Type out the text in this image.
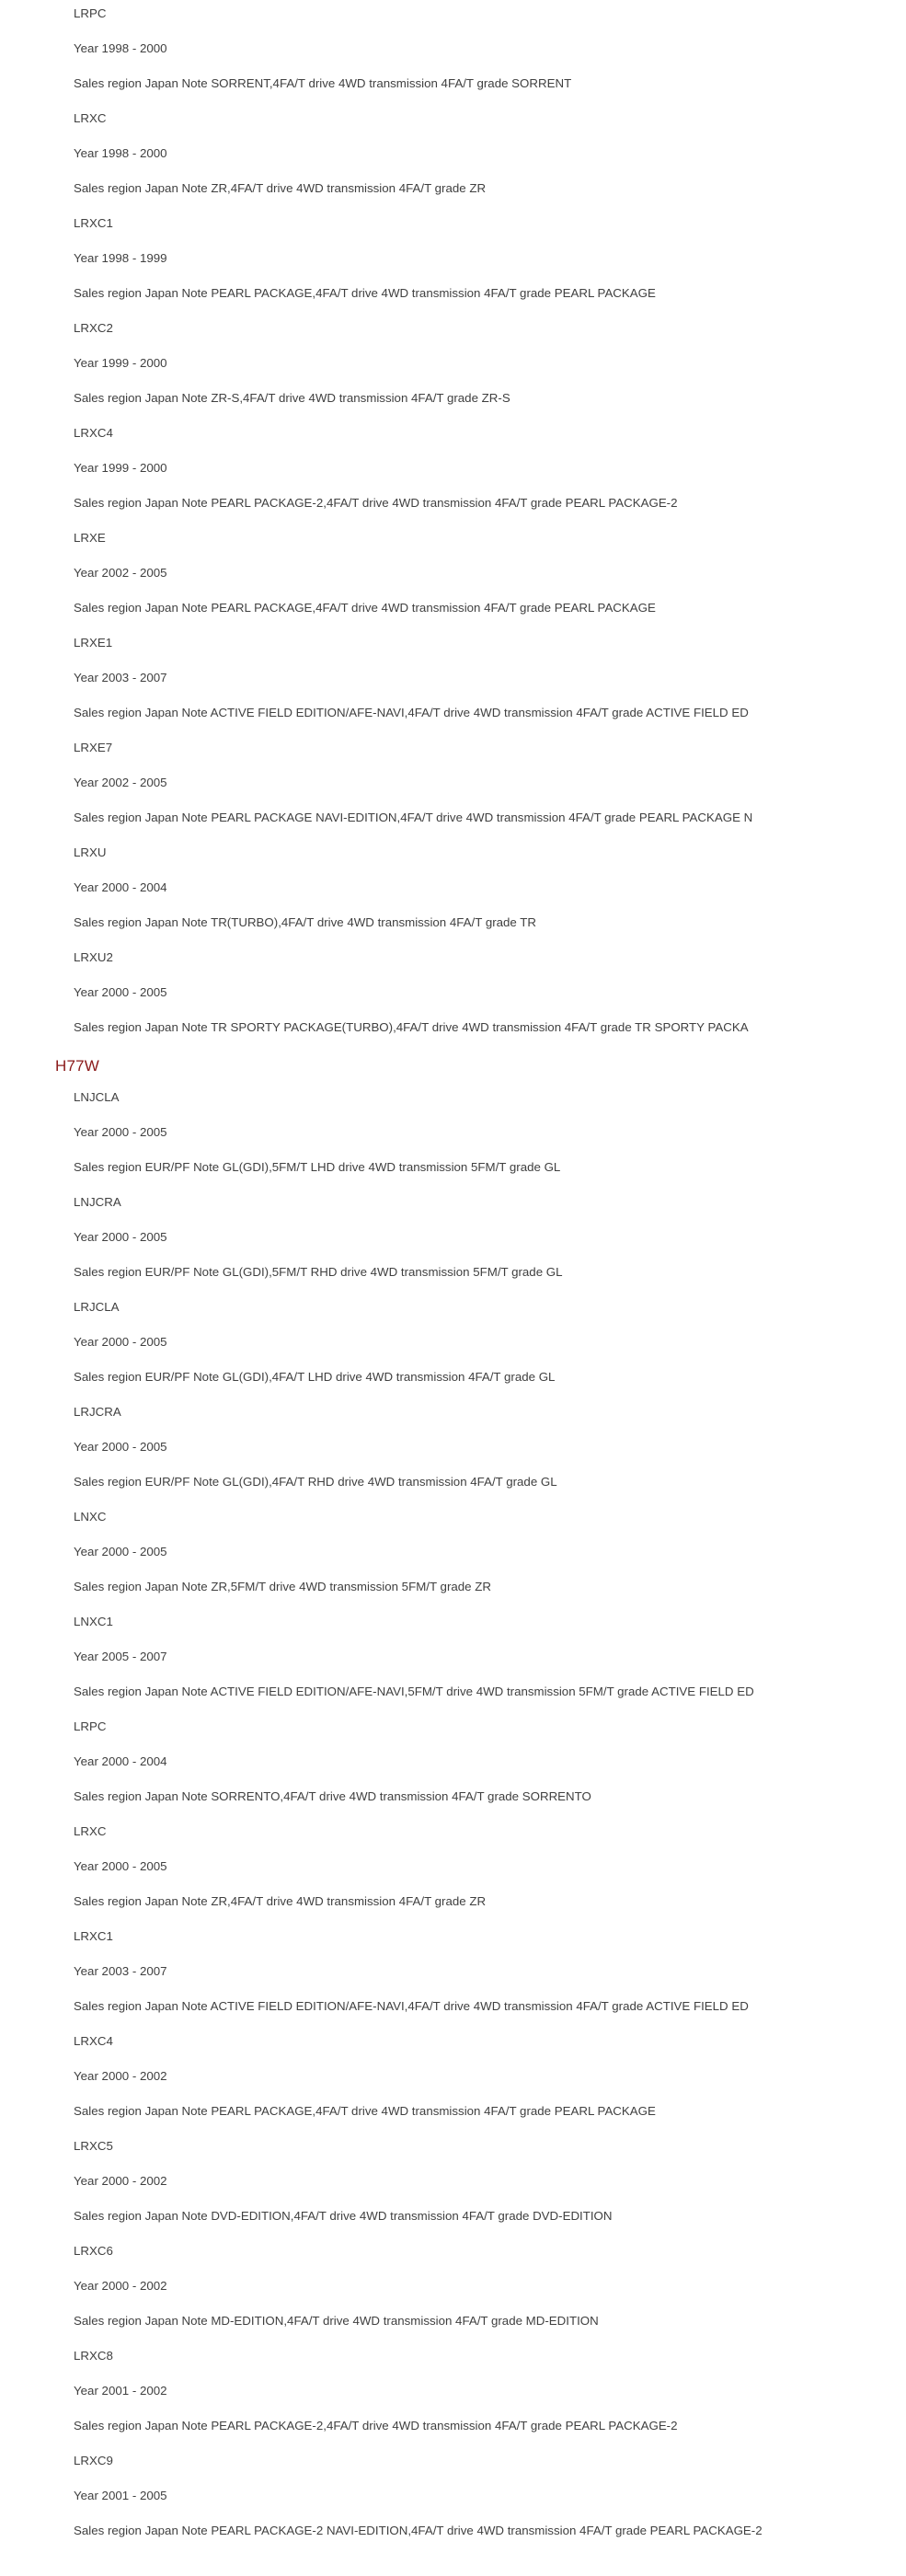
LRPC
Year 1998 - 2000
Sales region Japan Note SORRENT,4FA/T drive 4WD transmission 4FA/T grade SORRENT
LRXC
Year 1998 - 2000
Sales region Japan Note ZR,4FA/T drive 4WD transmission 4FA/T grade ZR
LRXC1
Year 1998 - 1999
Sales region Japan Note PEARL PACKAGE,4FA/T drive 4WD transmission 4FA/T grade PEARL PACKAGE
LRXC2
Year 1999 - 2000
Sales region Japan Note ZR-S,4FA/T drive 4WD transmission 4FA/T grade ZR-S
LRXC4
Year 1999 - 2000
Sales region Japan Note PEARL PACKAGE-2,4FA/T drive 4WD transmission 4FA/T grade PEARL PACKAGE-2
LRXE
Year 2002 - 2005
Sales region Japan Note PEARL PACKAGE,4FA/T drive 4WD transmission 4FA/T grade PEARL PACKAGE
LRXE1
Year 2003 - 2007
Sales region Japan Note ACTIVE FIELD EDITION/AFE-NAVI,4FA/T drive 4WD transmission 4FA/T grade ACTIVE FIELD ED
LRXE7
Year 2002 - 2005
Sales region Japan Note PEARL PACKAGE NAVI-EDITION,4FA/T drive 4WD transmission 4FA/T grade PEARL PACKAGE N
LRXU
Year 2000 - 2004
Sales region Japan Note TR(TURBO),4FA/T drive 4WD transmission 4FA/T grade TR
LRXU2
Year 2000 - 2005
Sales region Japan Note TR SPORTY PACKAGE(TURBO),4FA/T drive 4WD transmission 4FA/T grade TR SPORTY PACKA
H77W
LNJCLA
Year 2000 - 2005
Sales region EUR/PF Note GL(GDI),5FM/T LHD drive 4WD transmission 5FM/T grade GL
LNJCRA
Year 2000 - 2005
Sales region EUR/PF Note GL(GDI),5FM/T RHD drive 4WD transmission 5FM/T grade GL
LRJCLA
Year 2000 - 2005
Sales region EUR/PF Note GL(GDI),4FA/T LHD drive 4WD transmission 4FA/T grade GL
LRJCRA
Year 2000 - 2005
Sales region EUR/PF Note GL(GDI),4FA/T RHD drive 4WD transmission 4FA/T grade GL
LNXC
Year 2000 - 2005
Sales region Japan Note ZR,5FM/T drive 4WD transmission 5FM/T grade ZR
LNXC1
Year 2005 - 2007
Sales region Japan Note ACTIVE FIELD EDITION/AFE-NAVI,5FM/T drive 4WD transmission 5FM/T grade ACTIVE FIELD ED
LRPC
Year 2000 - 2004
Sales region Japan Note SORRENTO,4FA/T drive 4WD transmission 4FA/T grade SORRENTO
LRXC
Year 2000 - 2005
Sales region Japan Note ZR,4FA/T drive 4WD transmission 4FA/T grade ZR
LRXC1
Year 2003 - 2007
Sales region Japan Note ACTIVE FIELD EDITION/AFE-NAVI,4FA/T drive 4WD transmission 4FA/T grade ACTIVE FIELD ED
LRXC4
Year 2000 - 2002
Sales region Japan Note PEARL PACKAGE,4FA/T drive 4WD transmission 4FA/T grade PEARL PACKAGE
LRXC5
Year 2000 - 2002
Sales region Japan Note DVD-EDITION,4FA/T drive 4WD transmission 4FA/T grade DVD-EDITION
LRXC6
Year 2000 - 2002
Sales region Japan Note MD-EDITION,4FA/T drive 4WD transmission 4FA/T grade MD-EDITION
LRXC8
Year 2001 - 2002
Sales region Japan Note PEARL PACKAGE-2,4FA/T drive 4WD transmission 4FA/T grade PEARL PACKAGE-2
LRXC9
Year 2001 - 2005
Sales region Japan Note PEARL PACKAGE-2 NAVI-EDITION,4FA/T drive 4WD transmission 4FA/T grade PEARL PACKAGE-2
